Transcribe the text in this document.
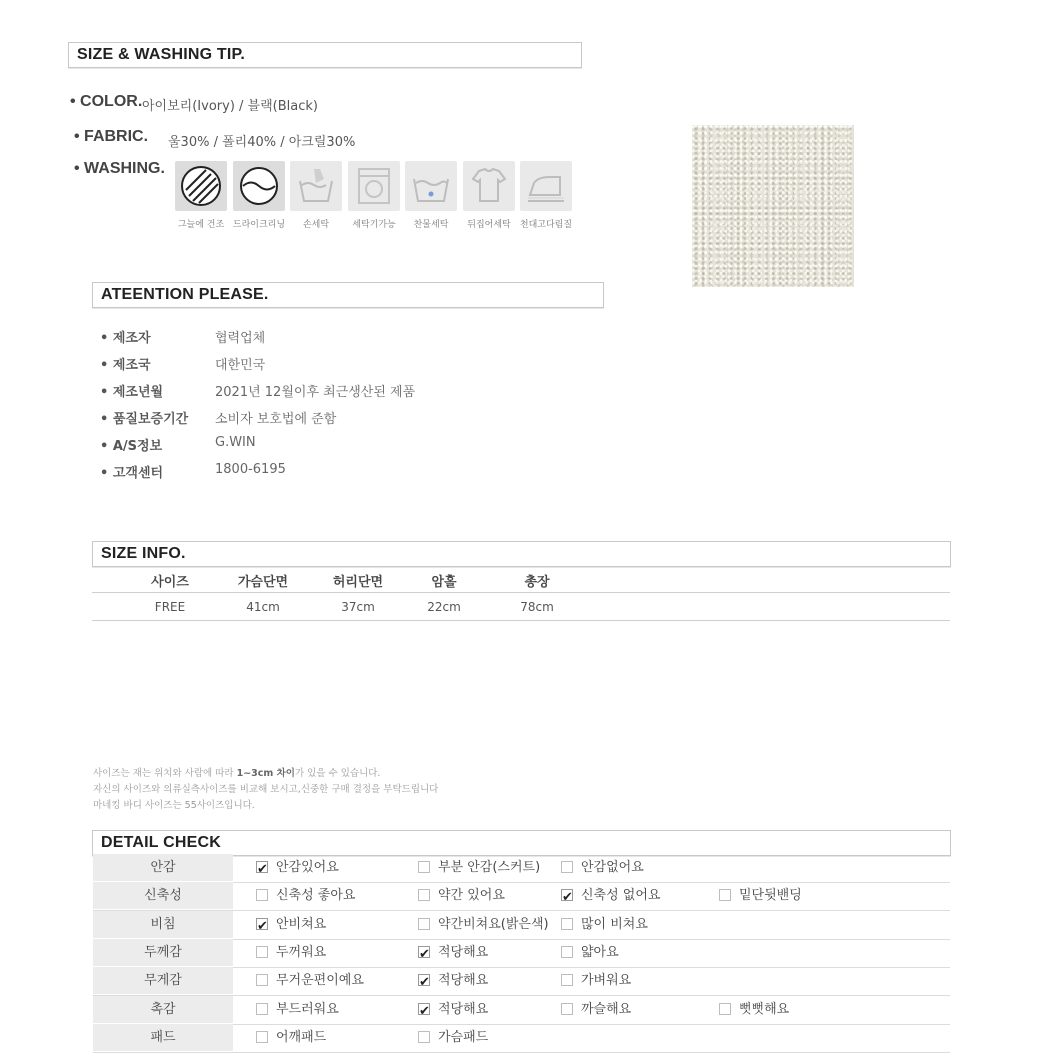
SIZE & WASHING TIP.
• COLOR. 아이보리(Ivory) / 블랙(Black)
• FABRIC. 울30% / 폴리40% / 아크릴30%
• WASHING.
그늘에 건조 드라이크리닝	손세탁	세탁기가능	찬물세탁	뒤집어세탁	천대고다림질
ATEENTION PLEASE.
• 제조자	협력업체
• 제조국	대한민국
• 제조년월	2021년 12월이후 최근생산된 제품
• 품질보증기간 소비자 보호법에 준함
• A/S정보	G.WIN
• 고객센터	1800-6195
SIZE INFO.
사이즈	가슴단면	허리단면	암홀	총장
FREE	41cm	37cm	22cm	78cm
사이즈는 재는 위치와 사람에 따라 1~3cm 차이가 있을 수 있습니다.
자신의 사이즈와 의류실측사이즈를 비교해 보시고,신중한 구매 결정을 부탁드립니다
마네킹 바디 사이즈는 55사이즈입니다.
DETAIL CHECK
안감 ✔	안감있어요	부분 안감(스커트)	안감없어요
신축성	신축성 좋아요	약간 있어요 ✔	신축성 없어요	밑단뒷밴딩
비침 ✔	안비쳐요	약간비쳐요(밝은색)	많이 비쳐요
두께감	두꺼워요 ✔	적당해요	얇아요
무게감	무거운편이예요 ✔	적당해요	가벼워요
촉감	부드러워요 ✔	적당해요	까슬해요	뻣뻣해요
패드	어깨패드	가슴패드
